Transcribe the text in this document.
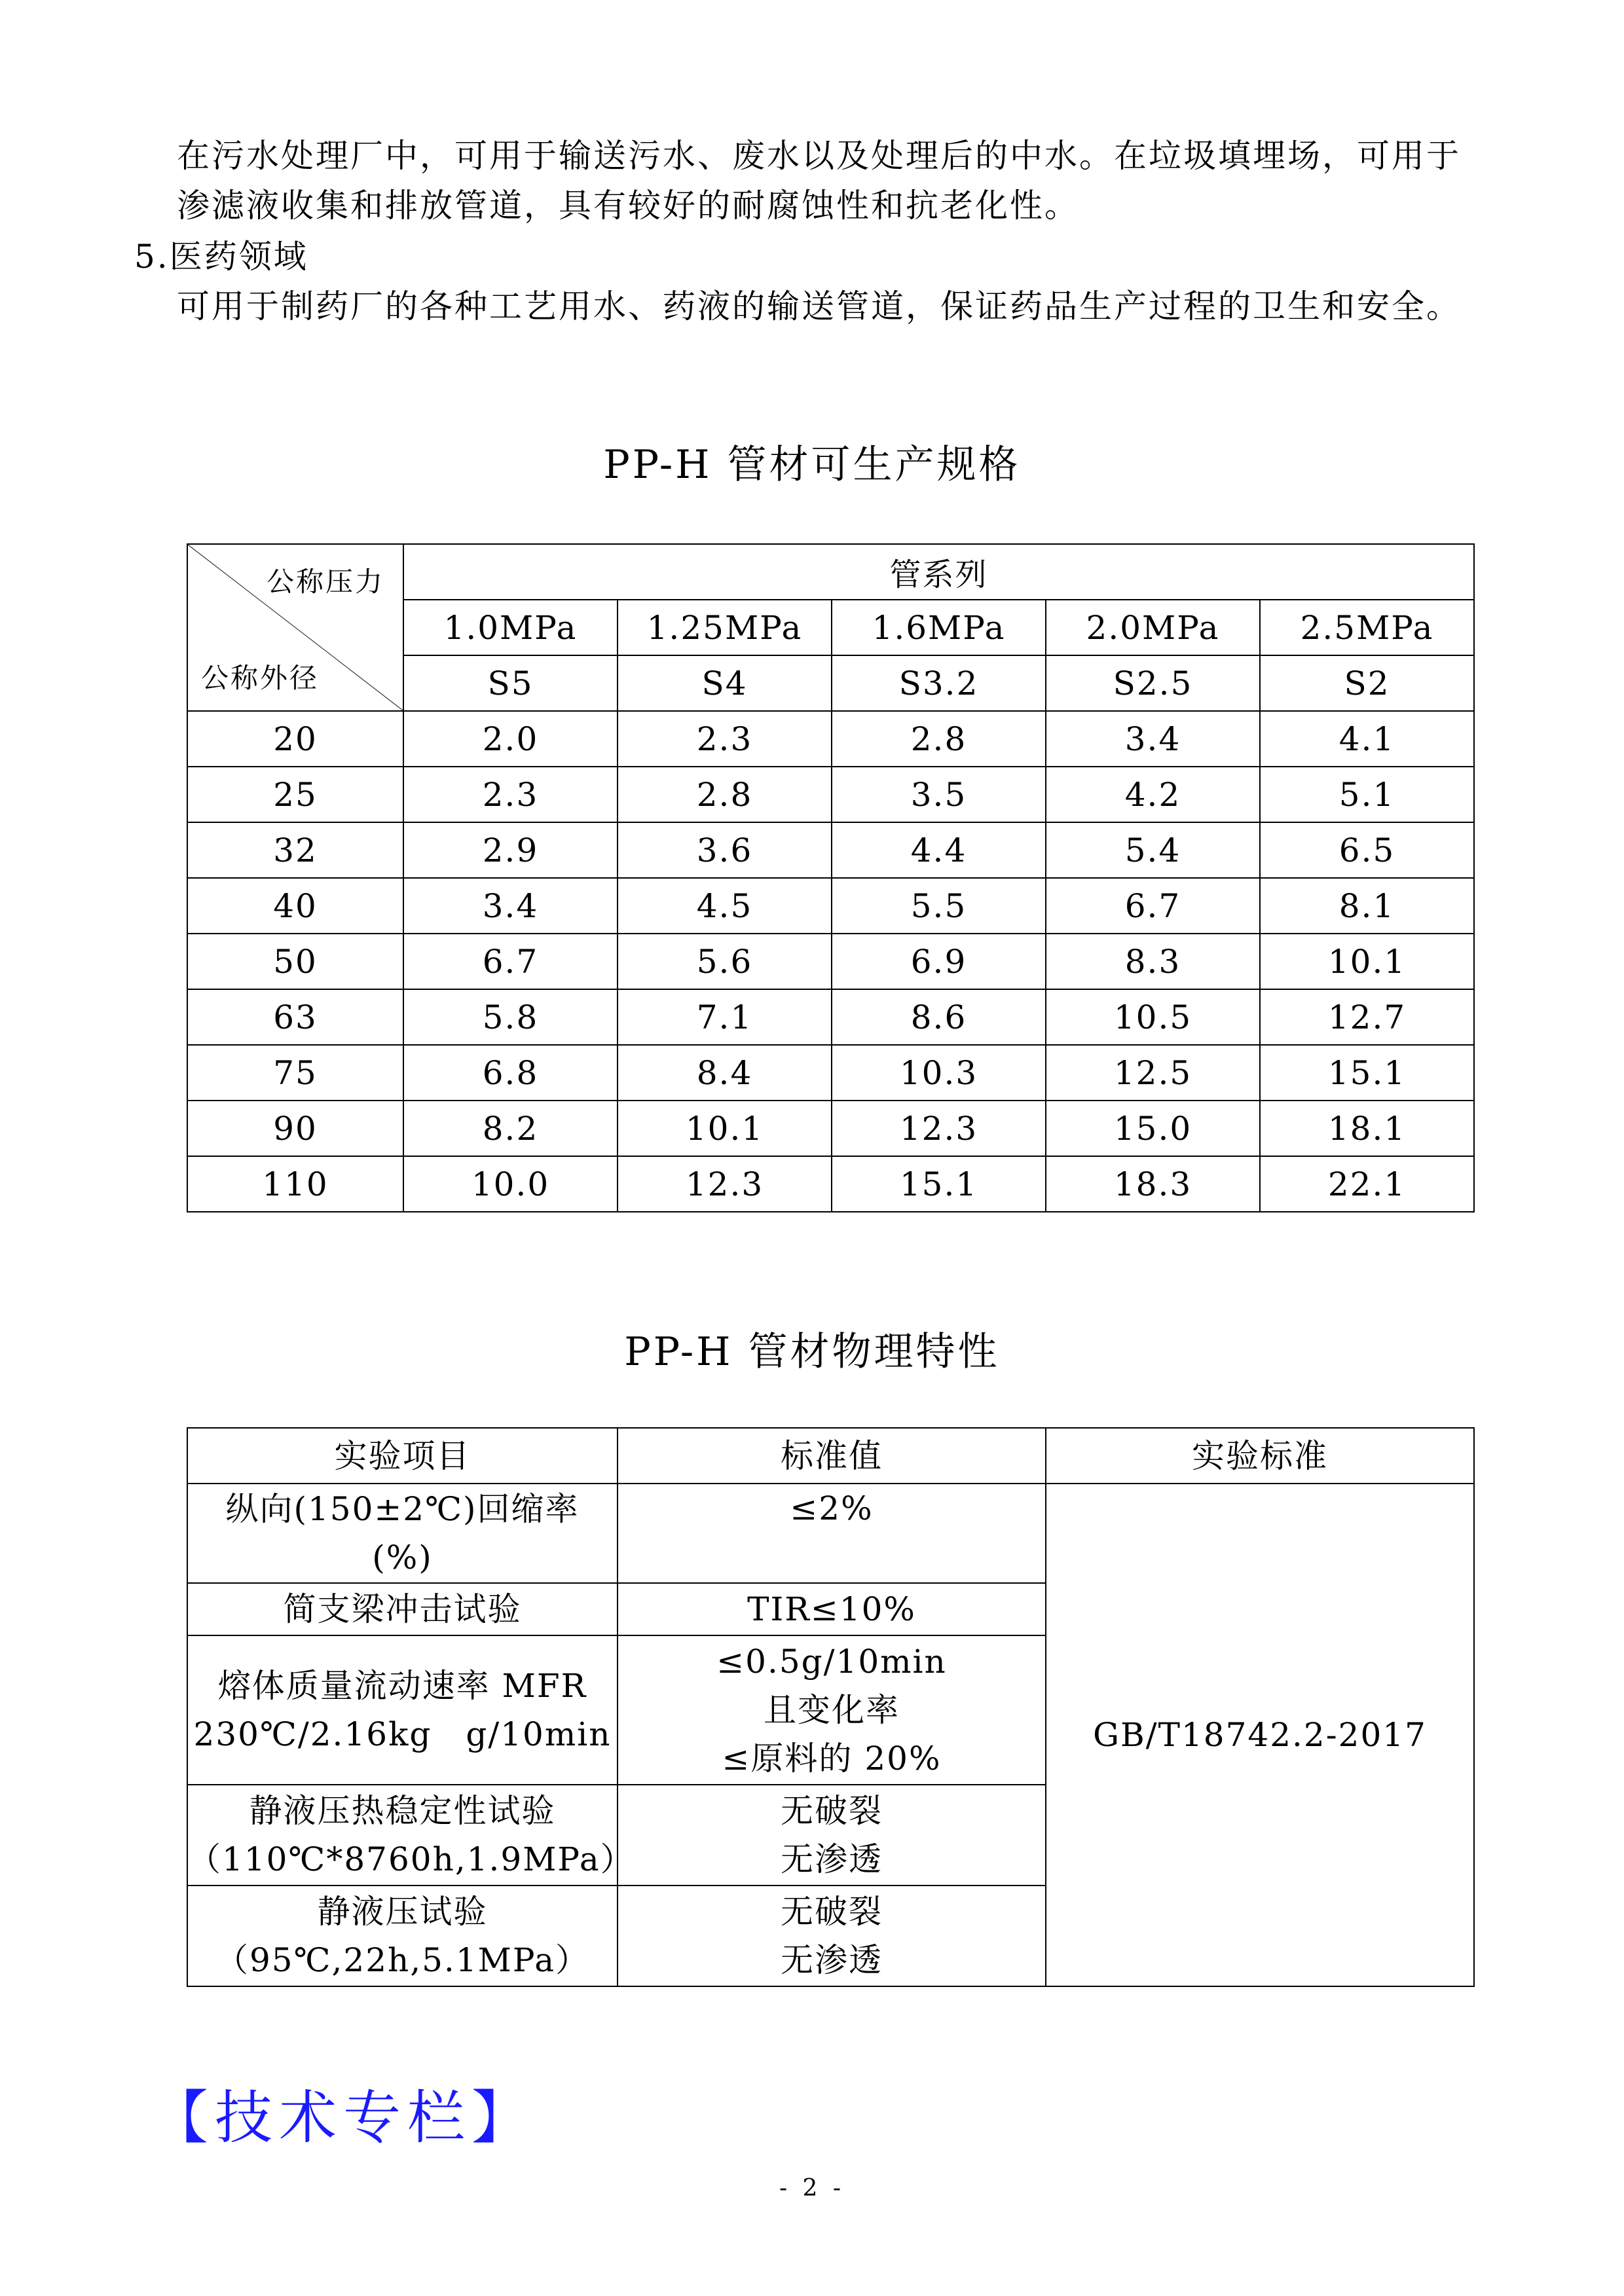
在污水处理厂中，可用于输送污水、废水以及处理后的中水。在垃圾填埋场，可用于渗滤液收集和排放管道，具有较好的耐腐蚀性和抗老化性。

5.医药领域

可用于制药厂的各种工艺用水、药液的输送管道，保证药品生产过程的卫生和安全。

PP-H 管材可生产规格
公称压力
公称外径	管系列				
	1.0MPa	1.25MPa	1.6MPa	2.0MPa	2.5MPa
	S5	S4	S3.2	S2.5	S2
20	2.0	2.3	2.8	3.4	4.1
25	2.3	2.8	3.5	4.2	5.1
32	2.9	3.6	4.4	5.4	6.5
40	3.4	4.5	5.5	6.7	8.1
50	6.7	5.6	6.9	8.3	10.1
63	5.8	7.1	8.6	10.5	12.7
75	6.8	8.4	10.3	12.5	15.1
90	8.2	10.1	12.3	15.0	18.1
110	10.0	12.3	15.1	18.3	22.1
PP-H 管材物理特性
实验项目	标准值	实验标准

纵向(150±2℃)回缩率
(%)	≤2%	GB/T18742.2-2017

简支梁冲击试验	TIR≤10%	

熔体质量流动速率 MFR
230℃/2.16kg　g/10min	≤0.5g/10min
且变化率
≤原料的 20%	

静液压热稳定性试验
（110℃*8760h,1.9MPa）	无破裂
无渗透	

静液压试验
（95℃,22h,5.1MPa）	无破裂
无渗透	
【技术专栏】
- 2 -
